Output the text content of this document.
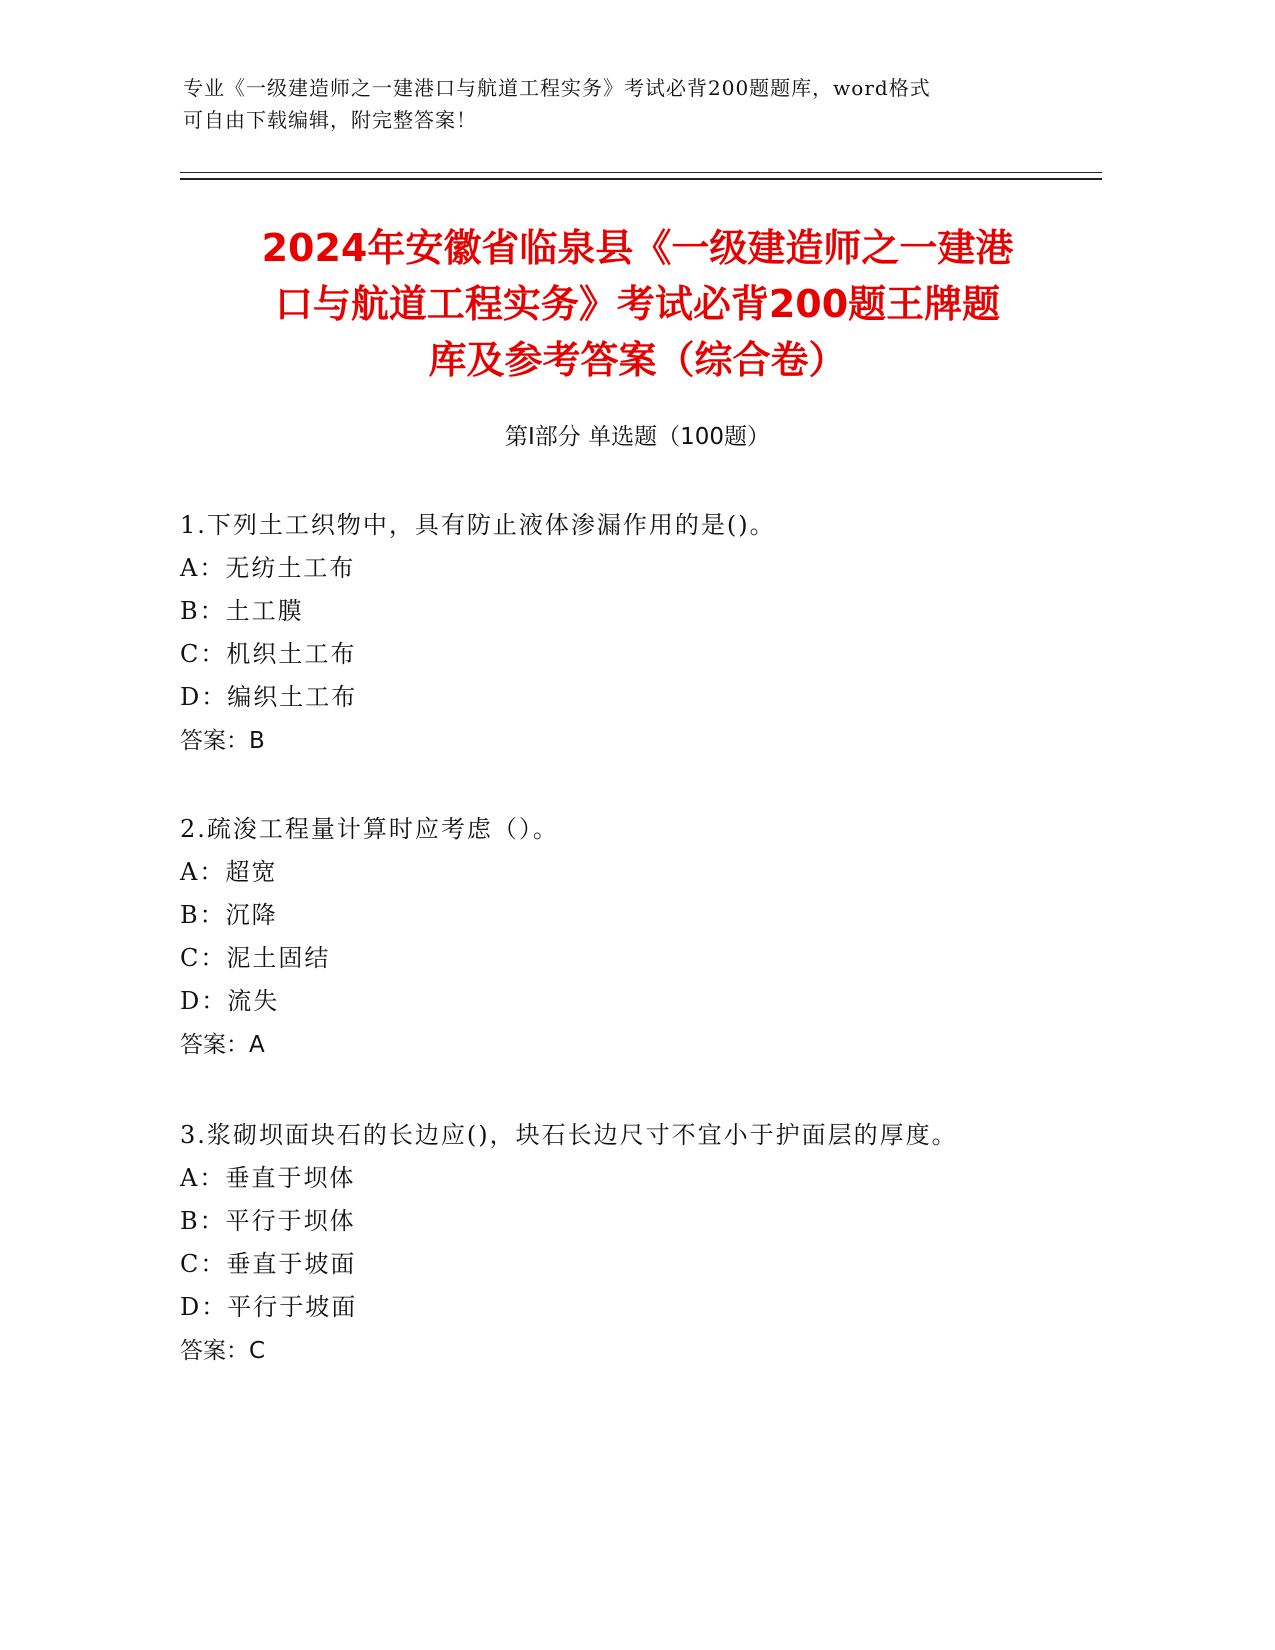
专业《一级建造师之一建港口与航道工程实务》考试必背200题题库，word格式
可自由下载编辑，附完整答案！
2024年安徽省临泉县《一级建造师之一建港
口与航道工程实务》考试必背200题王牌题
库及参考答案（综合卷）
第Ⅰ部分 单选题（100题）
1.下列土工织物中，具有防止液体渗漏作用的是()。
A：无纺土工布
B：土工膜
C：机织土工布
D：编织土工布
答案：B
2.疏浚工程量计算时应考虑（）。
A：超宽
B：沉降
C：泥土固结
D：流失
答案：A
3.浆砌坝面块石的长边应()，块石长边尺寸不宜小于护面层的厚度。
A：垂直于坝体
B：平行于坝体
C：垂直于坡面
D：平行于坡面
答案：C
